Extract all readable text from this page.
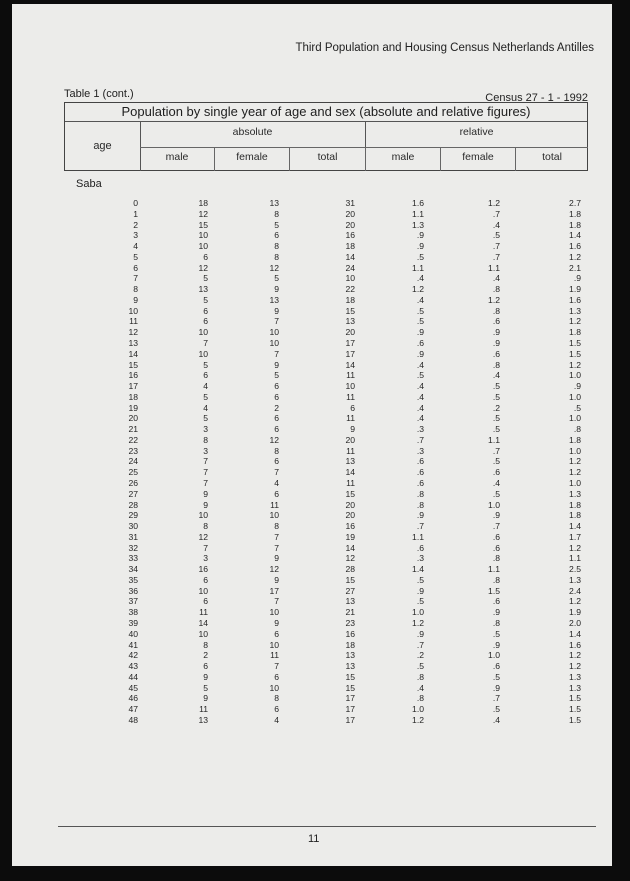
Third Population and Housing Census Netherlands Antilles
Table 1 (cont.)	Census 27 - 1 - 1992
Population by single year of age and sex (absolute and relative figures)
age
absolute	relative
male	female	total	male	female	total
Saba
0	18	13	31	1.6	1.2	2.7
1	12	8	20	1.1	.7	1.8
2	15	5	20	1.3	.4	1.8
3	10	6	16	.9	.5	1.4
4	10	8	18	.9	.7	1.6
5	6	8	14	.5	.7	1.2
6	12	12	24	1.1	1.1	2.1
7	5	5	10	.4	.4	.9
8	13	9	22	1.2	.8	1.9
9	5	13	18	.4	1.2	1.6
10	6	9	15	.5	.8	1.3
11	6	7	13	.5	.6	1.2
12	10	10	20	.9	.9	1.8
13	7	10	17	.6	.9	1.5
14	10	7	17	.9	.6	1.5
15	5	9	14	.4	.8	1.2
16	6	5	11	.5	.4	1.0
17	4	6	10	.4	.5	.9
18	5	6	11	.4	.5	1.0
19	4	2	6	.4	.2	.5
20	5	6	11	.4	.5	1.0
21	3	6	9	.3	.5	.8
22	8	12	20	.7	1.1	1.8
23	3	8	11	.3	.7	1.0
24	7	6	13	.6	.5	1.2
25	7	7	14	.6	.6	1.2
26	7	4	11	.6	.4	1.0
27	9	6	15	.8	.5	1.3
28	9	11	20	.8	1.0	1.8
29	10	10	20	.9	.9	1.8
30	8	8	16	.7	.7	1.4
31	12	7	19	1.1	.6	1.7
32	7	7	14	.6	.6	1.2
33	3	9	12	.3	.8	1.1
34	16	12	28	1.4	1.1	2.5
35	6	9	15	.5	.8	1.3
36	10	17	27	.9	1.5	2.4
37	6	7	13	.5	.6	1.2
38	11	10	21	1.0	.9	1.9
39	14	9	23	1.2	.8	2.0
40	10	6	16	.9	.5	1.4
41	8	10	18	.7	.9	1.6
42	2	11	13	.2	1.0	1.2
43	6	7	13	.5	.6	1.2
44	9	6	15	.8	.5	1.3
45	5	10	15	.4	.9	1.3
46	9	8	17	.8	.7	1.5
47	11	6	17	1.0	.5	1.5
48	13	4	17	1.2	.4	1.5
11
